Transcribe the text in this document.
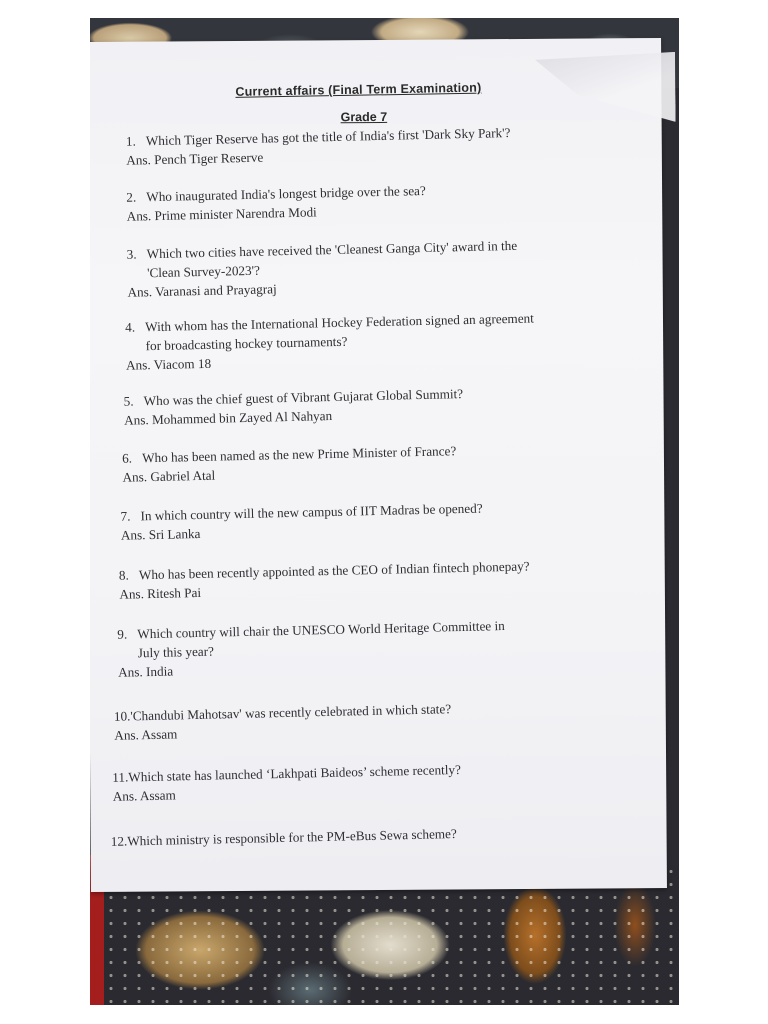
Current affairs (Final Term Examination)
Grade 7
1. Which Tiger Reserve has got the title of India's first 'Dark Sky Park'?
Ans. Pench Tiger Reserve
2. Who inaugurated India's longest bridge over the sea?
Ans. Prime minister Narendra Modi
3. Which two cities have received the 'Cleanest Ganga City' award in the
'Clean Survey-2023'?
Ans. Varanasi and Prayagraj
4. With whom has the International Hockey Federation signed an agreement
for broadcasting hockey tournaments?
Ans. Viacom 18
5. Who was the chief guest of Vibrant Gujarat Global Summit?
Ans. Mohammed bin Zayed Al Nahyan
6. Who has been named as the new Prime Minister of France?
Ans. Gabriel Atal
7. In which country will the new campus of IIT Madras be opened?
Ans. Sri Lanka
8. Who has been recently appointed as the CEO of Indian fintech phonepay?
Ans. Ritesh Pai
9. Which country will chair the UNESCO World Heritage Committee in
July this year?
Ans. India
10.'Chandubi Mahotsav' was recently celebrated in which state?
Ans. Assam
11.Which state has launched ‘Lakhpati Baideos’ scheme recently?
Ans. Assam
12.Which ministry is responsible for the PM-eBus Sewa scheme?
